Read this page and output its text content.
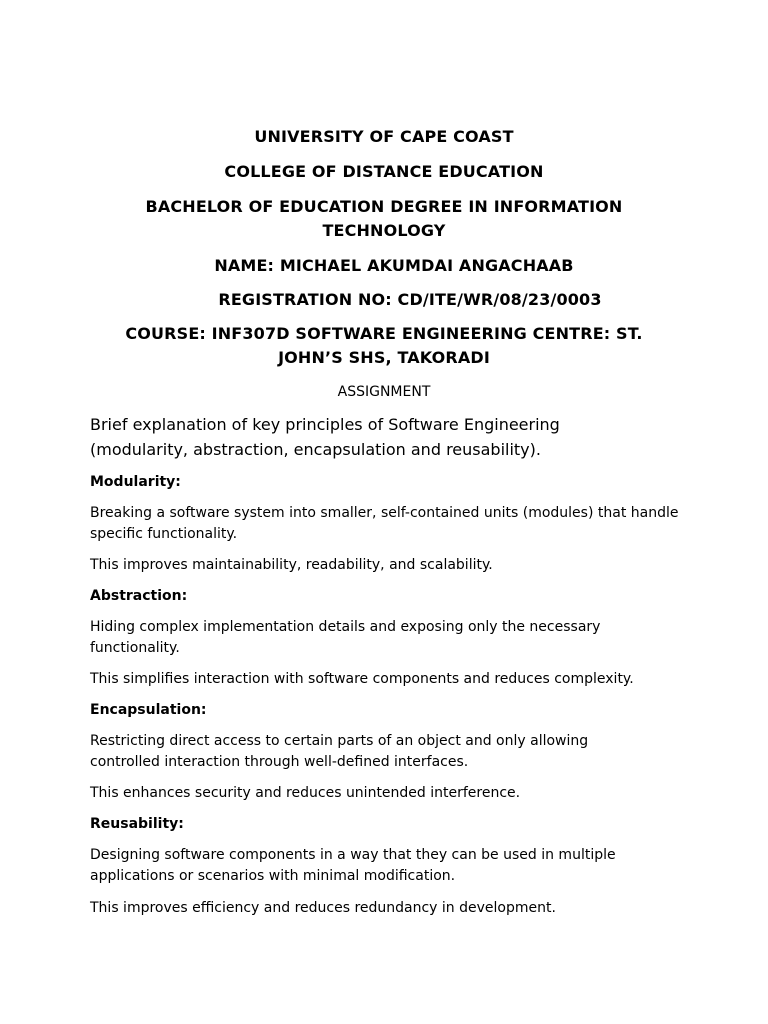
UNIVERSITY OF CAPE COAST

COLLEGE OF DISTANCE EDUCATION

BACHELOR OF EDUCATION DEGREE IN INFORMATION TECHNOLOGY

NAME: MICHAEL AKUMDAI ANGACHAAB

REGISTRATION NO: CD/ITE/WR/08/23/0003

COURSE: INF307D SOFTWARE ENGINEERING CENTRE: ST. JOHN’S SHS, TAKORADI

ASSIGNMENT

Brief explanation of key principles of Software Engineering (modularity, abstraction, encapsulation and reusability).

Modularity:

Breaking a software system into smaller, self-contained units (modules) that handle specific functionality.

This improves maintainability, readability, and scalability.

Abstraction:

Hiding complex implementation details and exposing only the necessary functionality.

This simplifies interaction with software components and reduces complexity.

Encapsulation:

Restricting direct access to certain parts of an object and only allowing controlled interaction through well-defined interfaces.

This enhances security and reduces unintended interference.

Reusability:

Designing software components in a way that they can be used in multiple applications or scenarios with minimal modification.

This improves efficiency and reduces redundancy in development.
